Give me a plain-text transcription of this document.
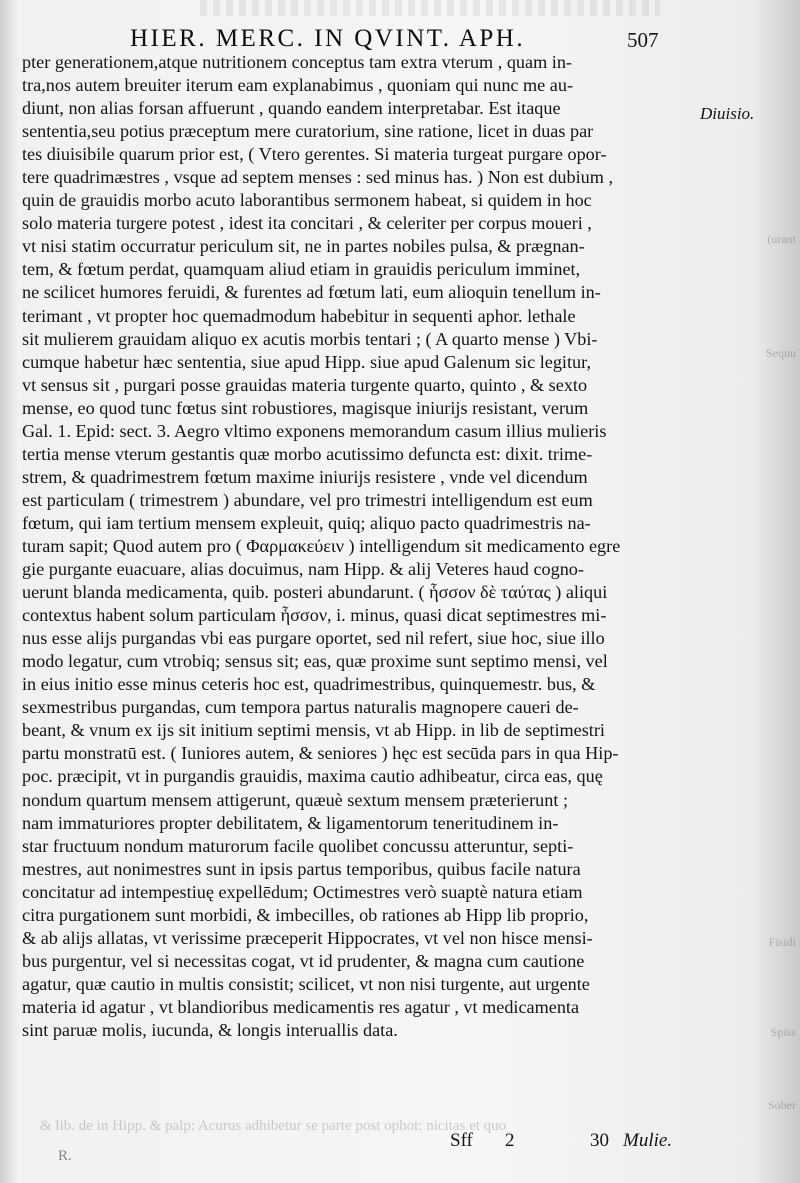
HIER. MERC. IN QVINT. APH.	507
Diuisio.
(urant
Sequu
Fisidi
Spiss
Sober
pter generationem,atque nutritionem conceptus tam extra vterum , quam in-
tra,nos autem breuiter iterum eam explanabimus , quoniam qui nunc me au-
diunt, non alias forsan affuerunt , quando eandem interpretabar. Est itaque
sententia,seu potius præceptum mere curatorium, sine ratione, licet in duas par
tes diuisibile quarum prior est, ( Vtero gerentes. Si materia turgeat purgare opor-
tere quadrimæstres , vsque ad septem menses : sed minus has. ) Non est dubium ,
quin de grauidis morbo acuto laborantibus sermonem habeat, si quidem in hoc
solo materia turgere potest , idest ita concitari , & celeriter per corpus moueri ,
vt nisi statim occurratur periculum sit, ne in partes nobiles pulsa, & prægnan-
tem, & fœtum perdat, quamquam aliud etiam in grauidis periculum imminet,
ne scilicet humores feruidi, & furentes ad fœtum lati, eum alioquin tenellum in-
terimant , vt propter hoc quemadmodum habebitur in sequenti aphor. lethale
sit mulierem grauidam aliquo ex acutis morbis tentari ; ( A quarto mense ) Vbi-
cumque habetur hæc sententia, siue apud Hipp. siue apud Galenum sic legitur,
vt sensus sit , purgari posse grauidas materia turgente quarto, quinto , & sexto
mense, eo quod tunc fœtus sint robustiores, magisque iniurijs resistant, verum
Gal. 1. Epid: sect. 3. Aegro vltimo exponens memorandum casum illius mulieris
tertia mense vterum gestantis quæ morbo acutissimo defuncta est: dixit. trime-
strem, & quadrimestrem fœtum maxime iniurijs resistere , vnde vel dicendum
est particulam ( trimestrem ) abundare, vel pro trimestri intelligendum est eum
fœtum, qui iam tertium mensem expleuit, quiq; aliquo pacto quadrimestris na-
turam sapit; Quod autem pro ( Φαρμακεύειν ) intelligendum sit medicamento egre
gie purgante euacuare, alias docuimus, nam Hipp. & alij Veteres haud cogno-
uerunt blanda medicamenta, quib. posteri abundarunt. ( ἧσσον δὲ ταύτας ) aliqui
contextus habent solum particulam ἧσσον, i. minus, quasi dicat septimestres mi-
nus esse alijs purgandas vbi eas purgare oportet, sed nil refert, siue hoc, siue illo
modo legatur, cum vtrobiq; sensus sit; eas, quæ proxime sunt septimo mensi, vel
in eius initio esse minus ceteris hoc est, quadrimestribus, quinquemestr. bus, &
sexmestribus purgandas, cum tempora partus naturalis magnopere caueri de-
beant, & vnum ex ijs sit initium septimi mensis, vt ab Hipp. in lib de septimestri
partu monstratū est. ( Iuniores autem, & seniores ) hęc est secūda pars in qua Hip-
poc. præcipit, vt in purgandis grauidis, maxima cautio adhibeatur, circa eas, quę
nondum quartum mensem attigerunt, quæuè sextum mensem præterierunt ;
nam immaturiores propter debilitatem, & ligamentorum teneritudinem in-
star fructuum nondum maturorum facile quolibet concussu atteruntur, septi-
mestres, aut nonimestres sunt in ipsis partus temporibus, quibus facile natura
concitatur ad intempestiuę expellēdum; Octimestres verò suaptè natura etiam
citra purgationem sunt morbidi, & imbecilles, ob rationes ab Hipp lib proprio,
& ab alijs allatas, vt verissime præceperit Hippocrates, vt vel non hisce mensi-
bus purgentur, vel si necessitas cogat, vt id prudenter, & magna cum cautione
agatur, quæ cautio in multis consistit; scilicet, vt non nisi turgente, aut urgente
materia id agatur , vt blandioribus medicamentis res agatur , vt medicamenta
sint paruæ molis, iucunda, & longis interuallis data.
& lib. de in Hipp. & palp: Acurus adhibetur se parte post ophot: nicitas et quo
Sff 2	30 Mulie.
R.
